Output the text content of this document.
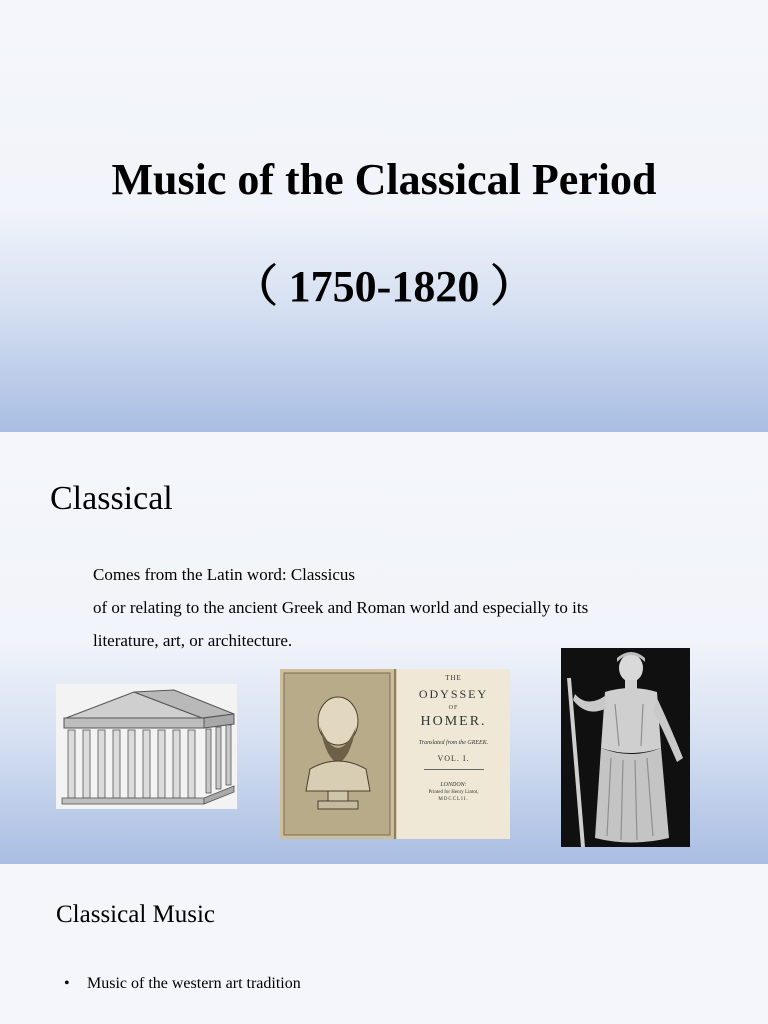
Music of the Classical Period
（ 1750-1820 ）
Classical
Comes from the Latin word: Classicus
of or relating to the ancient Greek and Roman world and especially to its
literature, art, or architecture.
THE
ODYSSEY
OF
HOMER.
Translated from the GREEK.
VOL. I.
LONDON:
Printed for Henry Lintot,
MDCCLII.
Classical Music
• Music of the western art tradition
